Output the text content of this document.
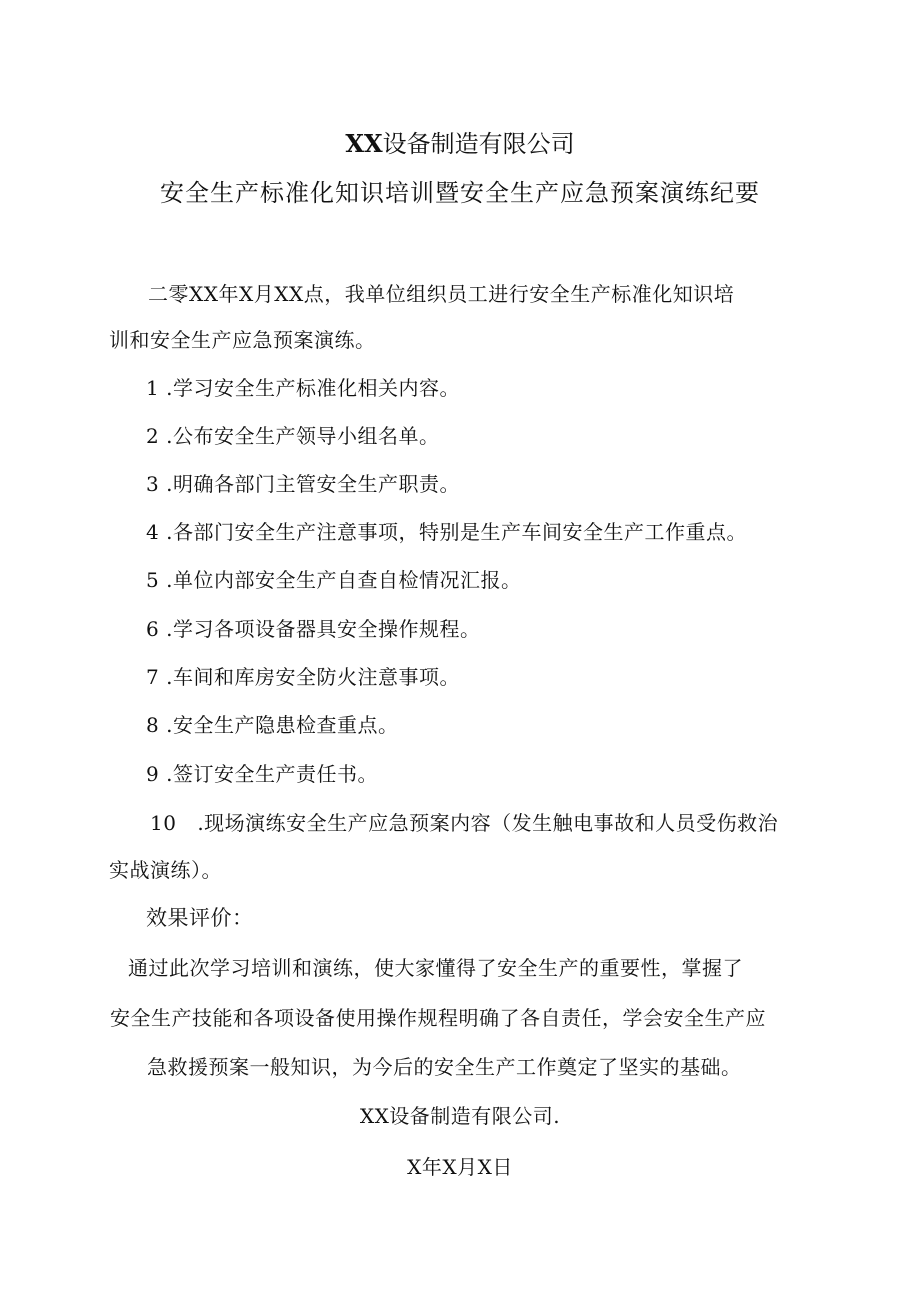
XX设备制造有限公司
安全生产标准化知识培训暨安全生产应急预案演练纪要
二零XX年X月XX点，我单位组织员工进行安全生产标准化知识培
训和安全生产应急预案演练。
1 .学习安全生产标准化相关内容。
2 .公布安全生产领导小组名单。
3 .明确各部门主管安全生产职责。
4 .各部门安全生产注意事项，特别是生产车间安全生产工作重点。
5 .单位内部安全生产自查自检情况汇报。
6 .学习各项设备器具安全操作规程。
7 .车间和库房安全防火注意事项。
8 .安全生产隐患检查重点。
9 .签订安全生产责任书。
10 .现场演练安全生产应急预案内容（发生触电事故和人员受伤救治
实战演练）。
效果评价：
通过此次学习培训和演练，使大家懂得了安全生产的重要性，掌握了
安全生产技能和各项设备使用操作规程明确了各自责任，学会安全生产应
急救援预案一般知识，为今后的安全生产工作奠定了坚实的基础。
XX设备制造有限公司.
X年X月X日
